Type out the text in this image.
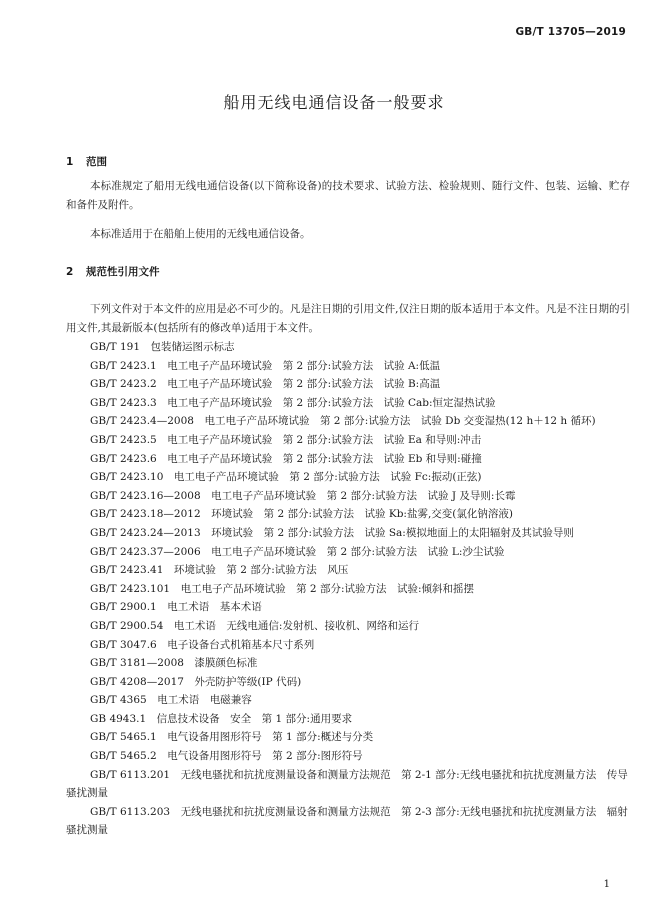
GB/T 13705—2019
船用无线电通信设备一般要求
1 范围

本标准规定了船用无线电通信设备(以下简称设备)的技术要求、试验方法、检验规则、随行文件、包装、运输、贮存和备件及附件。

本标准适用于在船舶上使用的无线电通信设备。

2 规范性引用文件

下列文件对于本文件的应用是必不可少的。凡是注日期的引用文件,仅注日期的版本适用于本文件。凡是不注日期的引用文件,其最新版本(包括所有的修改单)适用于本文件。

GB/T 191　包装储运图示标志
GB/T 2423.1　电工电子产品环境试验　第 2 部分:试验方法　试验 A:低温
GB/T 2423.2　电工电子产品环境试验　第 2 部分:试验方法　试验 B:高温
GB/T 2423.3　电工电子产品环境试验　第 2 部分:试验方法　试验 Cab:恒定湿热试验
GB/T 2423.4—2008　电工电子产品环境试验　第 2 部分:试验方法　试验 Db 交变湿热(12 h＋12 h 循环)
GB/T 2423.5　电工电子产品环境试验　第 2 部分:试验方法　试验 Ea 和导则:冲击
GB/T 2423.6　电工电子产品环境试验　第 2 部分:试验方法　试验 Eb 和导则:碰撞
GB/T 2423.10　电工电子产品环境试验　第 2 部分:试验方法　试验 Fc:振动(正弦)
GB/T 2423.16—2008　电工电子产品环境试验　第 2 部分:试验方法　试验 J 及导则:长霉
GB/T 2423.18—2012　环境试验　第 2 部分:试验方法　试验 Kb:盐雾,交变(氯化钠溶液)
GB/T 2423.24—2013　环境试验　第 2 部分:试验方法　试验 Sa:模拟地面上的太阳辐射及其试验导则
GB/T 2423.37—2006　电工电子产品环境试验　第 2 部分:试验方法　试验 L:沙尘试验
GB/T 2423.41　环境试验　第 2 部分:试验方法　风压
GB/T 2423.101　电工电子产品环境试验　第 2 部分:试验方法　试验:倾斜和摇摆
GB/T 2900.1　电工术语　基本术语
GB/T 2900.54　电工术语　无线电通信:发射机、接收机、网络和运行
GB/T 3047.6　电子设备台式机箱基本尺寸系列
GB/T 3181—2008　漆膜颜色标准
GB/T 4208—2017　外壳防护等级(IP 代码)
GB/T 4365　电工术语　电磁兼容
GB 4943.1　信息技术设备　安全　第 1 部分:通用要求
GB/T 5465.1　电气设备用图形符号　第 1 部分:概述与分类
GB/T 5465.2　电气设备用图形符号　第 2 部分:图形符号
GB/T 6113.201　无线电骚扰和抗扰度测量设备和测量方法规范　第 2-1 部分:无线电骚扰和抗扰度测量方法　传导骚扰测量
GB/T 6113.203　无线电骚扰和抗扰度测量设备和测量方法规范　第 2-3 部分:无线电骚扰和抗扰度测量方法　辐射骚扰测量
1
